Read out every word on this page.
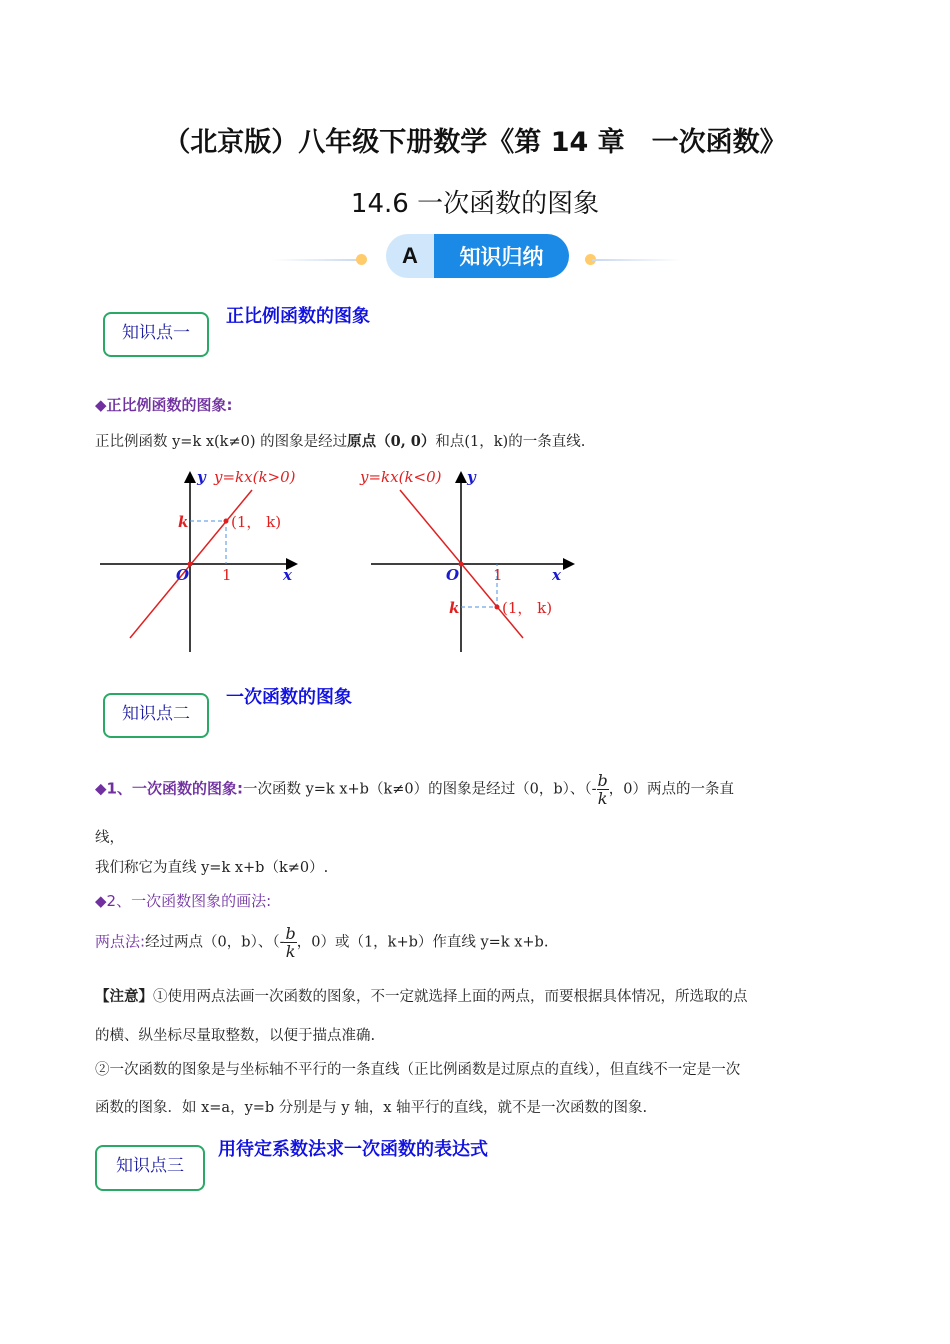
（北京版）八年级下册数学《第 14 章　一次函数》
14.6 一次函数的图象
A	知识归纳
知识点一
正比例函数的图象
◆正比例函数的图象:
正比例函数 y=k x(k≠0) 的图象是经过原点（0, 0）和点(1，k)的一条直线.
y y=kx(k>0)
x
O 1
k	(1， k)
y=kx(k<0) y
x
O 1
k	(1， k)
知识点二
一次函数的图象
◆1、一次函数的图象:一次函数 y=k x+b（k≠0）的图象是经过（0，b）、（- $\frac{b}{k}$ ，0）两点的一条直
线，
我们称它为直线 y=k x+b（k≠0）.
◆2、一次函数图象的画法:
两点法:经过两点（0，b）、（- $\frac{b}{k}$ ，0）或（1，k+b）作直线 y=k x+b.
【注意】①使用两点法画一次函数的图象，不一定就选择上面的两点，而要根据具体情况，所选取的点
的横、纵坐标尽量取整数，以便于描点准确.
②一次函数的图象是与坐标轴不平行的一条直线（正比例函数是过原点的直线），但直线不一定是一次
函数的图象．如 x=a，y=b 分别是与 y 轴，x 轴平行的直线，就不是一次函数的图象.
知识点三
用待定系数法求一次函数的表达式
